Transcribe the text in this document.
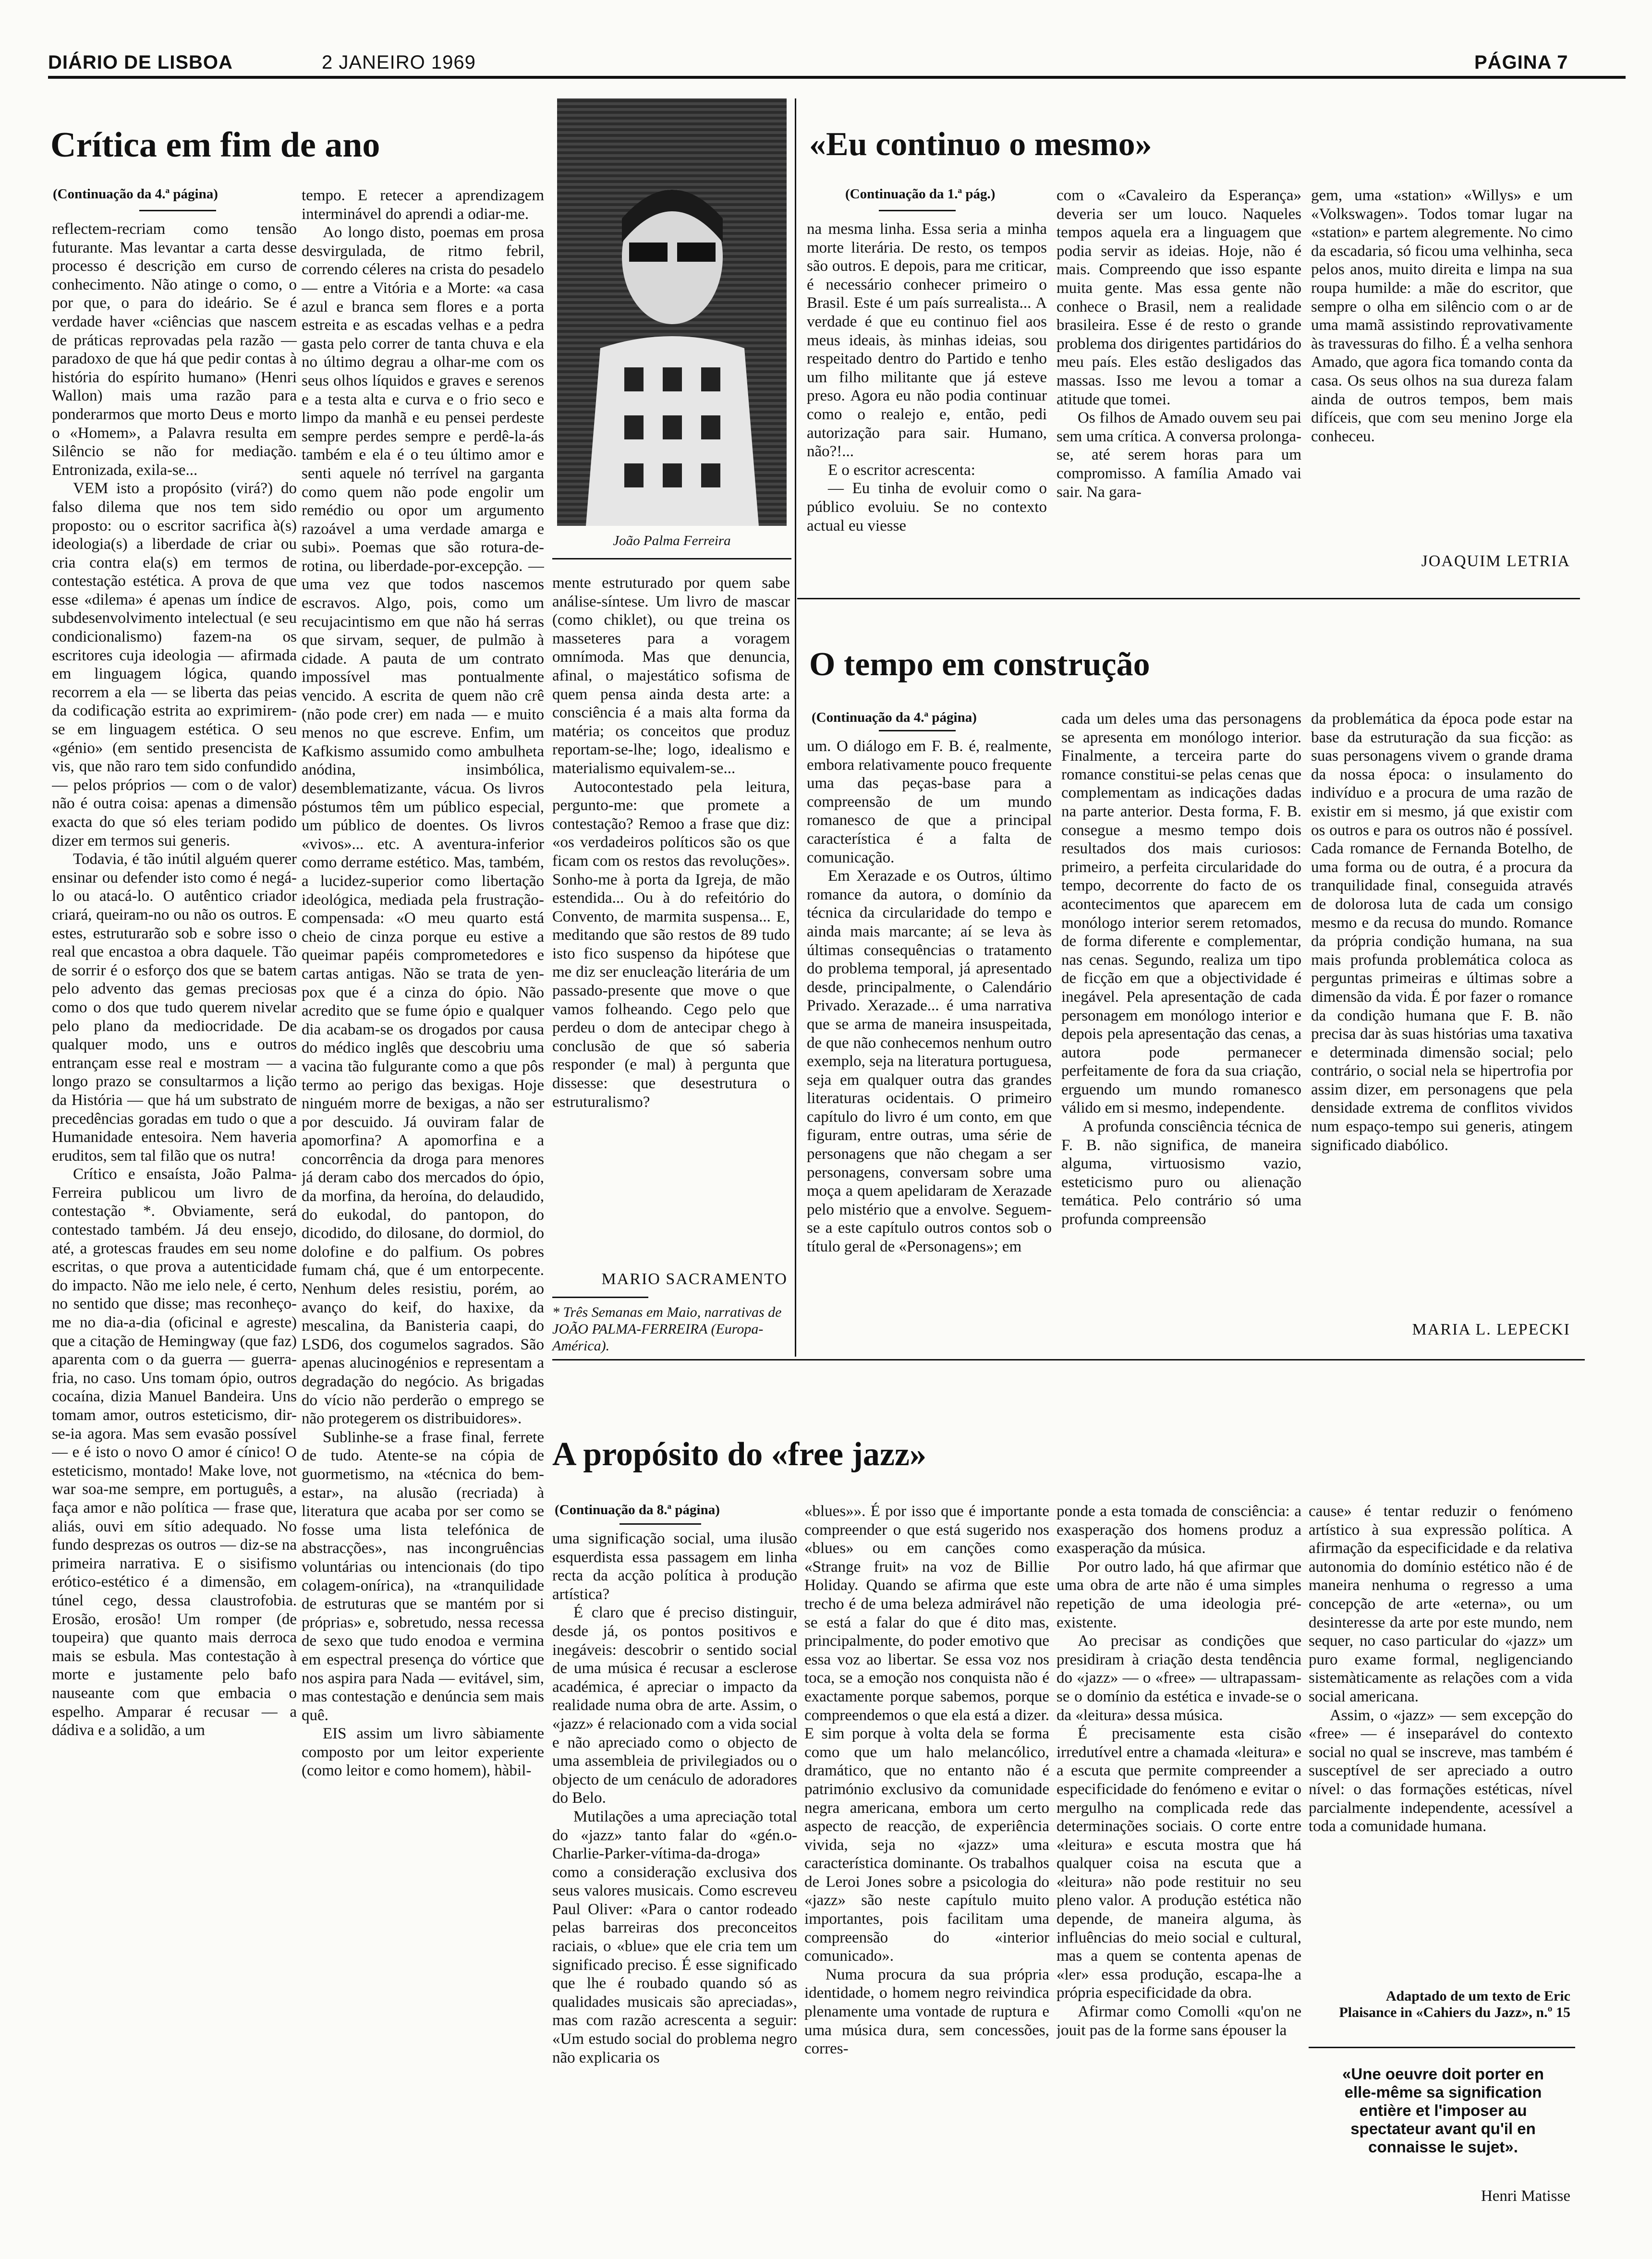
DIÁRIO DE LISBOA	2 JANEIRO 1969	PÁGINA 7
Crítica em fim de ano
(Continuação da 4.ª página)

reflectem-recriam como tensão futurante. Mas levantar a carta desse processo é descrição em curso de conhecimento. Não atinge o como, o por que, o para do ideário. Se é verdade haver «ciências que nascem de práticas reprovadas pela razão — paradoxo de que há que pedir contas à história do espírito humano» (Henri Wallon) mais uma razão para ponderarmos que morto Deus e morto o «Homem», a Palavra resulta em Silêncio se não for mediação. Entronizada, exila-se...

VEM isto a propósito (virá?) do falso dilema que nos tem sido proposto: ou o escritor sacrifica à(s) ideologia(s) a liberdade de criar ou cria contra ela(s) em termos de contestação estética. A prova de que esse «dilema» é apenas um índice de subdesenvolvimento intelectual (e seu condicionalismo) fazem-na os escritores cuja ideologia — afirmada em linguagem lógica, quando recorrem a ela — se liberta das peias da codificação estrita ao exprimirem-se em linguagem estética. O seu «génio» (em sentido presencista de vis, que não raro tem sido confundido — pelos próprios — com o de valor) não é outra coisa: apenas a dimensão exacta do que só eles teriam podido dizer em termos sui generis.

Todavia, é tão inútil alguém querer ensinar ou defender isto como é negá-lo ou atacá-lo. O autêntico criador criará, queiram-no ou não os outros. E estes, estruturarão sob e sobre isso o real que encastoa a obra daquele. Tão de sorrir é o esforço dos que se batem pelo advento das gemas preciosas como o dos que tudo querem nivelar pelo plano da mediocridade. De qualquer modo, uns e outros entrançam esse real e mostram — a longo prazo se consultarmos a lição da História — que há um substrato de precedências goradas em tudo o que a Humanidade entesoira. Nem haveria eruditos, sem tal filão que os nutra!

Crítico e ensaísta, João Palma-Ferreira publicou um livro de contestação *. Obviamente, será contestado também. Já deu ensejo, até, a grotescas fraudes em seu nome escritas, o que prova a autenticidade do impacto. Não me ielo nele, é certo, no sentido que disse; mas reconheço-me no dia-a-dia (oficinal e agreste) que a citação de Hemingway (que faz) aparenta com o da guerra — guerra-fria, no caso. Uns tomam ópio, outros cocaína, dizia Manuel Bandeira. Uns tomam amor, outros esteticismo, dir-se-ia agora. Mas sem evasão possível — e é isto o novo O amor é cínico! O esteticismo, montado! Make love, not war soa-me sempre, em português, a faça amor e não política — frase que, aliás, ouvi em sítio adequado. No fundo desprezas os outros — diz-se na primeira narrativa. E o sisifismo erótico-estético é a dimensão, em túnel cego, dessa claustrofobia. Erosão, erosão! Um romper (de toupeira) que quanto mais derroca mais se esbula. Mas contestação à morte e justamente pelo bafo nauseante com que embacia o espelho. Amparar é recusar — a dádiva e a solidão, a um

tempo. E retecer a aprendizagem interminável do aprendi a odiar-me.

Ao longo disto, poemas em prosa desvirgulada, de ritmo febril, correndo céleres na crista do pesadelo — entre a Vitória e a Morte: «a casa azul e branca sem flores e a porta estreita e as escadas velhas e a pedra gasta pelo correr de tanta chuva e ela no último degrau a olhar-me com os seus olhos líquidos e graves e serenos e a testa alta e curva e o frio seco e limpo da manhã e eu pensei perdeste sempre perdes sempre e perdê-la-ás também e ela é o teu último amor e senti aquele nó terrível na garganta como quem não pode engolir um remédio ou opor um argumento razoável a uma verdade amarga e subi». Poemas que são rotura-de-rotina, ou liberdade-por-excepção. — uma vez que todos nascemos escravos. Algo, pois, como um recujacintismo em que não há serras que sirvam, sequer, de pulmão à cidade. A pauta de um contrato impossível mas pontualmente vencido. A escrita de quem não crê (não pode crer) em nada — e muito menos no que escreve. Enfim, um Kafkismo assumido como ambulheta anódina, insimbólica, desemblematizante, vácua. Os livros póstumos têm um público especial, um público de doentes. Os livros «vivos»... etc. A aventura-inferior como derrame estético. Mas, também, a lucidez-superior como libertação ideológica, mediada pela frustração-compensada: «O meu quarto está cheio de cinza porque eu estive a queimar papéis comprometedores e cartas antigas. Não se trata de yen-pox que é a cinza do ópio. Não acredito que se fume ópio e qualquer dia acabam-se os drogados por causa do médico inglês que descobriu uma vacina tão fulgurante como a que pôs termo ao perigo das bexigas. Hoje ninguém morre de bexigas, a não ser por descuido. Já ouviram falar de apomorfina? A apomorfina e a concorrência da droga para menores já deram cabo dos mercados do ópio, da morfina, da heroína, do delaudido, do eukodal, do pantopon, do dicodido, do dilosane, do dormiol, do dolofine e do palfium. Os pobres fumam chá, que é um entorpecente. Nenhum deles resistiu, porém, ao avanço do keif, do haxixe, da mescalina, da Banisteria caapi, do LSD6, dos cogumelos sagrados. São apenas alucinogénios e representam a degradação do negócio. As brigadas do vício não perderão o emprego se não protegerem os distribuidores».

Sublinhe-se a frase final, ferrete de tudo. Atente-se na cópia de guormetismo, na «técnica do bem-estar», na alusão (recriada) à literatura que acaba por ser como se fosse uma lista telefónica de abstracções», nas incongruências voluntárias ou intencionais (do tipo colagem-onírica), na «tranquilidade de estruturas que se mantém por si próprias» e, sobretudo, nessa recessa de sexo que tudo enodoa e vermina em espectral presença do vórtice que nos aspira para Nada — evitável, sim, mas contestação e denúncia sem mais quê.

EIS assim um livro sàbiamente composto por um leitor experiente (como leitor e como homem), hàbil-

João Palma Ferreira

mente estruturado por quem sabe análise-síntese. Um livro de mascar (como chiklet), ou que treina os masseteres para a voragem omnímoda. Mas que denuncia, afinal, o majestático sofisma de quem pensa ainda desta arte: a consciência é a mais alta forma da matéria; os conceitos que produz reportam-se-lhe; logo, idealismo e materialismo equivalem-se...

Autocontestado pela leitura, pergunto-me: que promete a contestação? Remoo a frase que diz: «os verdadeiros políticos são os que ficam com os restos das revoluções». Sonho-me à porta da Igreja, de mão estendida... Ou à do refeitório do Convento, de marmita suspensa... E, meditando que são restos de 89 tudo isto fico suspenso da hipótese que me diz ser enucleação literária de um passado-presente que move o que vamos folheando. Cego pelo que perdeu o dom de antecipar chego à conclusão de que só saberia responder (e mal) à pergunta que dissesse: que desestrutura o estruturalismo?

MARIO SACRAMENTO
* Três Semanas em Maio, narrativas de JOÃO PALMA-FERREIRA (Europa-América).
«Eu continuo o mesmo»
(Continuação da 1.ª pág.)

na mesma linha. Essa seria a minha morte literária. De resto, os tempos são outros. E depois, para me criticar, é necessário conhecer primeiro o Brasil. Este é um país surrealista... A verdade é que eu continuo fiel aos meus ideais, às minhas ideias, sou respeitado dentro do Partido e tenho um filho militante que já esteve preso. Agora eu não podia continuar como o realejo e, então, pedi autorização para sair. Humano, não?!...

E o escritor acrescenta:

— Eu tinha de evoluir como o público evoluiu. Se no contexto actual eu viesse

com o «Cavaleiro da Esperança» deveria ser um louco. Naqueles tempos aquela era a linguagem que podia servir as ideias. Hoje, não é mais. Compreendo que isso espante muita gente. Mas essa gente não conhece o Brasil, nem a realidade brasileira. Esse é de resto o grande problema dos dirigentes partidários do meu país. Eles estão desligados das massas. Isso me levou a tomar a atitude que tomei.

Os filhos de Amado ouvem seu pai sem uma crítica. A conversa prolonga-se, até serem horas para um compromisso. A família Amado vai sair. Na gara-

gem, uma «station» «Willys» e um «Volkswagen». Todos tomar lugar na «station» e partem alegremente. No cimo da escadaria, só ficou uma velhinha, seca pelos anos, muito direita e limpa na sua roupa humilde: a mãe do escritor, que sempre o olha em silêncio com o ar de uma mamã assistindo reprovativamente às travessuras do filho. É a velha senhora Amado, que agora fica tomando conta da casa. Os seus olhos na sua dureza falam ainda de outros tempos, bem mais difíceis, que com seu menino Jorge ela conheceu.

JOAQUIM LETRIA
O tempo em construção
(Continuação da 4.ª página)

um. O diálogo em F. B. é, realmente, embora relativamente pouco frequente uma das peças-base para a compreensão de um mundo romanesco de que a principal característica é a falta de comunicação.

Em Xerazade e os Outros, último romance da autora, o domínio da técnica da circularidade do tempo e ainda mais marcante; aí se leva às últimas consequências o tratamento do problema temporal, já apresentado desde, principalmente, o Calendário Privado. Xerazade... é uma narrativa que se arma de maneira insuspeitada, de que não conhecemos nenhum outro exemplo, seja na literatura portuguesa, seja em qualquer outra das grandes literaturas ocidentais. O primeiro capítulo do livro é um conto, em que figuram, entre outras, uma série de personagens que não chegam a ser personagens, conversam sobre uma moça a quem apelidaram de Xerazade pelo mistério que a envolve. Seguem-se a este capítulo outros contos sob o título geral de «Personagens»; em

cada um deles uma das personagens se apresenta em monólogo interior. Finalmente, a terceira parte do romance constitui-se pelas cenas que complementam as indicações dadas na parte anterior. Desta forma, F. B. consegue a mesmo tempo dois resultados dos mais curiosos: primeiro, a perfeita circularidade do tempo, decorrente do facto de os acontecimentos que aparecem em monólogo interior serem retomados, de forma diferente e complementar, nas cenas. Segundo, realiza um tipo de ficção em que a objectividade é inegável. Pela apresentação de cada personagem em monólogo interior e depois pela apresentação das cenas, a autora pode permanecer perfeitamente de fora da sua criação, erguendo um mundo romanesco válido em si mesmo, independente.

A profunda consciência técnica de F. B. não significa, de maneira alguma, virtuosismo vazio, esteticismo puro ou alienação temática. Pelo contrário só uma profunda compreensão

da problemática da época pode estar na base da estruturação da sua ficção: as suas personagens vivem o grande drama da nossa época: o insulamento do indivíduo e a procura de uma razão de existir em si mesmo, já que existir com os outros e para os outros não é possível. Cada romance de Fernanda Botelho, de uma forma ou de outra, é a procura da tranquilidade final, conseguida através de dolorosa luta de cada um consigo mesmo e da recusa do mundo. Romance da própria condição humana, na sua mais profunda problemática coloca as perguntas primeiras e últimas sobre a dimensão da vida. É por fazer o romance da condição humana que F. B. não precisa dar às suas histórias uma taxativa e determinada dimensão social; pelo contrário, o social nela se hipertrofia por assim dizer, em personagens que pela densidade extrema de conflitos vividos num espaço-tempo sui generis, atingem significado diabólico.

MARIA L. LEPECKI
A propósito do «free jazz»
(Continuação da 8.ª página)

uma significação social, uma ilusão esquerdista essa passagem em linha recta da acção política à produção artística?

É claro que é preciso distinguir, desde já, os pontos positivos e inegáveis: descobrir o sentido social de uma música é recusar a esclerose académica, é apreciar o impacto da realidade numa obra de arte. Assim, o «jazz» é relacionado com a vida social e não apreciado como o objecto de uma assembleia de privilegiados ou o objecto de um cenáculo de adoradores do Belo.

Mutilações a uma apreciação total do «jazz» tanto falar do «gén.o-Charlie-Parker-vítima-da-droga» como a consideração exclusiva dos seus valores musicais. Como escreveu Paul Oliver: «Para o cantor rodeado pelas barreiras dos preconceitos raciais, o «blue» que ele cria tem um significado preciso. É esse significado que lhe é roubado quando só as qualidades musicais são apreciadas», mas com razão acrescenta a seguir: «Um estudo social do problema negro não explicaria os

«blues»». É por isso que é importante compreender o que está sugerido nos «blues» ou em canções como «Strange fruit» na voz de Billie Holiday. Quando se afirma que este trecho é de uma beleza admirável não se está a falar do que é dito mas, principalmente, do poder emotivo que essa voz ao libertar. Se essa voz nos toca, se a emoção nos conquista não é exactamente porque sabemos, porque compreendemos o que ela está a dizer. E sim porque à volta dela se forma como que um halo melancólico, dramático, que no entanto não é património exclusivo da comunidade negra americana, embora um certo aspecto de reacção, de experiência vivida, seja no «jazz» uma característica dominante. Os trabalhos de Leroi Jones sobre a psicologia do «jazz» são neste capítulo muito importantes, pois facilitam uma compreensão do «interior comunicado».

Numa procura da sua própria identidade, o homem negro reivindica plenamente uma vontade de ruptura e uma música dura, sem concessões, corres-

ponde a esta tomada de consciência: a exasperação dos homens produz a exasperação da música.

Por outro lado, há que afirmar que uma obra de arte não é uma simples repetição de uma ideologia pré-existente.

Ao precisar as condições que presidiram à criação desta tendência do «jazz» — o «free» — ultrapassam-se o domínio da estética e invade-se o da «leitura» dessa música.

É precisamente esta cisão irredutível entre a chamada «leitura» e a escuta que permite compreender a especificidade do fenómeno e evitar o mergulho na complicada rede das determinações sociais. O corte entre «leitura» e escuta mostra que há qualquer coisa na escuta que a «leitura» não pode restituir no seu pleno valor. A produção estética não depende, de maneira alguma, às influências do meio social e cultural, mas a quem se contenta apenas de «ler» essa produção, escapa-lhe a própria especificidade da obra.

Afirmar como Comolli «qu'on ne jouit pas de la forme sans épouser la

cause» é tentar reduzir o fenómeno artístico à sua expressão política. A afirmação da especificidade e da relativa autonomia do domínio estético não é de maneira nenhuma o regresso a uma concepção de arte «eterna», ou um desinteresse da arte por este mundo, nem sequer, no caso particular do «jazz» um puro exame formal, negligenciando sistemàticamente as relações com a vida social americana.

Assim, o «jazz» — sem excepção do «free» — é inseparável do contexto social no qual se inscreve, mas também é susceptível de ser apreciado a outro nível: o das formações estéticas, nível parcialmente independente, acessível a toda a comunidade humana.

Adaptado de um texto de Eric Plaisance in «Cahiers du Jazz», n.º 15
«Une oeuvre doit porter en elle-même sa signification entière et l'imposer au spectateur avant qu'il en connaisse le sujet».
Henri Matisse
